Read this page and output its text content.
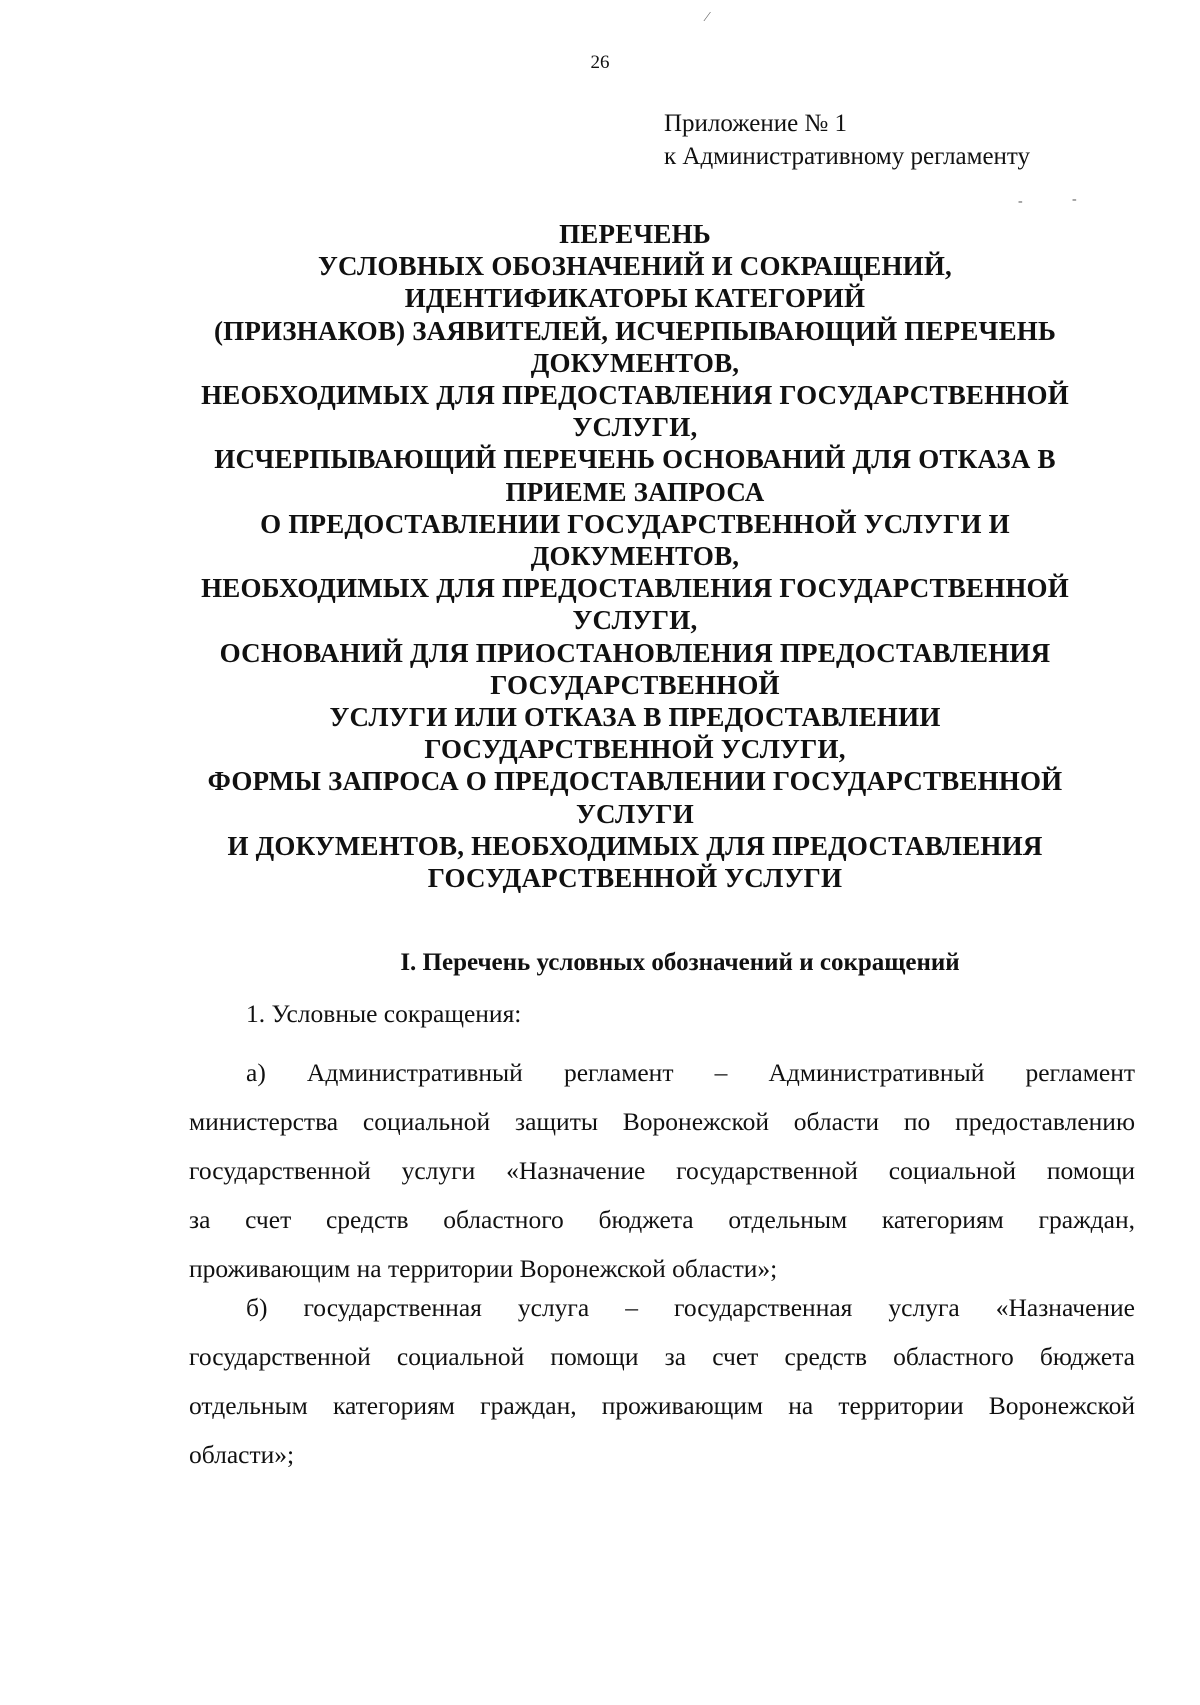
26
Приложение № 1
к Административному регламенту
ПЕРЕЧЕНЬ
УСЛОВНЫХ ОБОЗНАЧЕНИЙ И СОКРАЩЕНИЙ,
ИДЕНТИФИКАТОРЫ КАТЕГОРИЙ
(ПРИЗНАКОВ) ЗАЯВИТЕЛЕЙ, ИСЧЕРПЫВАЮЩИЙ ПЕРЕЧЕНЬ
ДОКУМЕНТОВ,
НЕОБХОДИМЫХ ДЛЯ ПРЕДОСТАВЛЕНИЯ ГОСУДАРСТВЕННОЙ
УСЛУГИ,
ИСЧЕРПЫВАЮЩИЙ ПЕРЕЧЕНЬ ОСНОВАНИЙ ДЛЯ ОТКАЗА В
ПРИЕМЕ ЗАПРОСА
О ПРЕДОСТАВЛЕНИИ ГОСУДАРСТВЕННОЙ УСЛУГИ И
ДОКУМЕНТОВ,
НЕОБХОДИМЫХ ДЛЯ ПРЕДОСТАВЛЕНИЯ ГОСУДАРСТВЕННОЙ
УСЛУГИ,
ОСНОВАНИЙ ДЛЯ ПРИОСТАНОВЛЕНИЯ ПРЕДОСТАВЛЕНИЯ
ГОСУДАРСТВЕННОЙ
УСЛУГИ ИЛИ ОТКАЗА В ПРЕДОСТАВЛЕНИИ
ГОСУДАРСТВЕННОЙ УСЛУГИ,
ФОРМЫ ЗАПРОСА О ПРЕДОСТАВЛЕНИИ ГОСУДАРСТВЕННОЙ
УСЛУГИ
И ДОКУМЕНТОВ, НЕОБХОДИМЫХ ДЛЯ ПРЕДОСТАВЛЕНИЯ
ГОСУДАРСТВЕННОЙ УСЛУГИ
I. Перечень условных обозначений и сокращений
1. Условные сокращения:
а) Административный регламент – Административный регламент
министерства социальной защиты Воронежской области по предоставлению
государственной услуги «Назначение государственной социальной помощи
за счет средств областного бюджета отдельным категориям граждан,
проживающим на территории Воронежской области»;
б) государственная услуга – государственная услуга «Назначение
государственной социальной помощи за счет средств областного бюджета
отдельным категориям граждан, проживающим на территории Воронежской
области»;
⁄
-	-
